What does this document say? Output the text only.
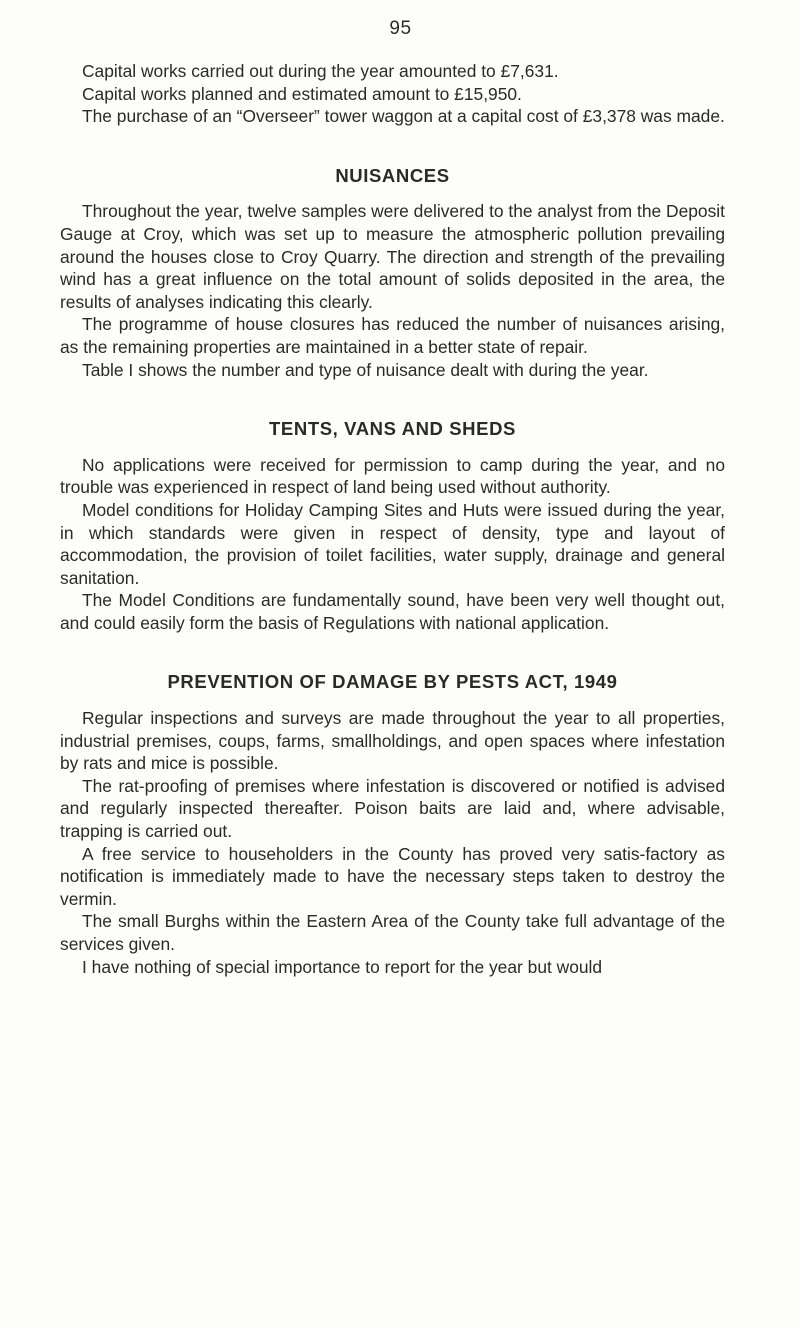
95

Capital works carried out during the year amounted to £7,631.

Capital works planned and estimated amount to £15,950.

The purchase of an “Overseer” tower waggon at a capital cost of £3,378 was made.

NUISANCES

Throughout the year, twelve samples were delivered to the analyst from the Deposit Gauge at Croy, which was set up to measure the atmospheric pollution prevailing around the houses close to Croy Quarry. The direction and strength of the prevailing wind has a great influence on the total amount of solids deposited in the area, the results of analyses indicating this clearly.

The programme of house closures has reduced the number of nuisances arising, as the remaining properties are maintained in a better state of repair.

Table I shows the number and type of nuisance dealt with during the year.

TENTS, VANS AND SHEDS

No applications were received for permission to camp during the year, and no trouble was experienced in respect of land being used without authority.

Model conditions for Holiday Camping Sites and Huts were issued during the year, in which standards were given in respect of density, type and layout of accommodation, the provision of toilet facilities, water supply, drainage and general sanitation.

The Model Conditions are fundamentally sound, have been very well thought out, and could easily form the basis of Regulations with national application.

PREVENTION OF DAMAGE BY PESTS ACT, 1949

Regular inspections and surveys are made throughout the year to all properties, industrial premises, coups, farms, smallholdings, and open spaces where infestation by rats and mice is possible.

The rat-proofing of premises where infestation is discovered or notified is advised and regularly inspected thereafter. Poison baits are laid and, where advisable, trapping is carried out.

A free service to householders in the County has proved very satis-factory as notification is immediately made to have the necessary steps taken to destroy the vermin.

The small Burghs within the Eastern Area of the County take full advantage of the services given.

I have nothing of special importance to report for the year but would
